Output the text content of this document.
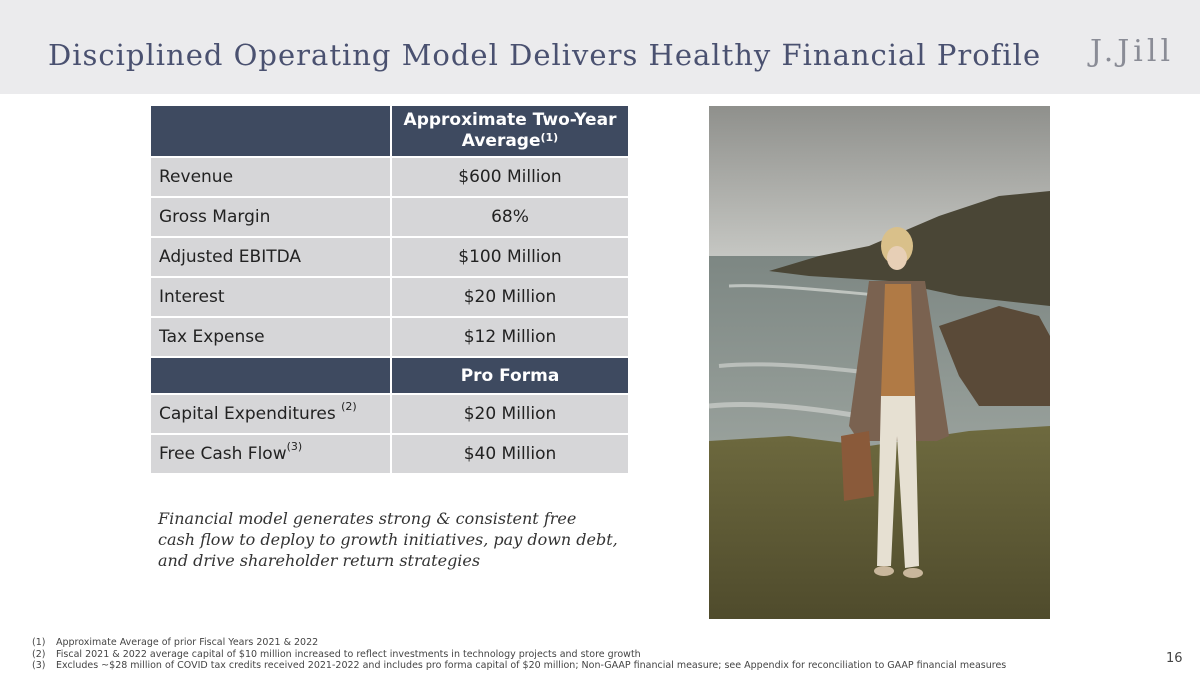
Disciplined Operating Model Delivers Healthy Financial Profile J.Jill
	Approximate Two-Year
Average$^{(1)}$
Revenue	$600 Million
Gross Margin	68%
Adjusted EBITDA	$100 Million
Interest	$20 Million
Tax Expense	$12 Million
	Pro Forma
Capital Expenditures $^{(2)}$	$20 Million
Free Cash Flow$^{(3)}$	$40 Million
Financial model generates strong & consistent free cash flow to deploy to growth initiatives, pay down debt, and drive shareholder return strategies
(1) Approximate Average of prior Fiscal Years 2021 & 2022
(2) Fiscal 2021 & 2022 average capital of $10 million increased to reflect investments in technology projects and store growth
(3) Excludes ~$28 million of COVID tax credits received 2021-2022 and includes pro forma capital of $20 million; Non-GAAP financial measure; see Appendix for reconciliation to GAAP financial measures	16
